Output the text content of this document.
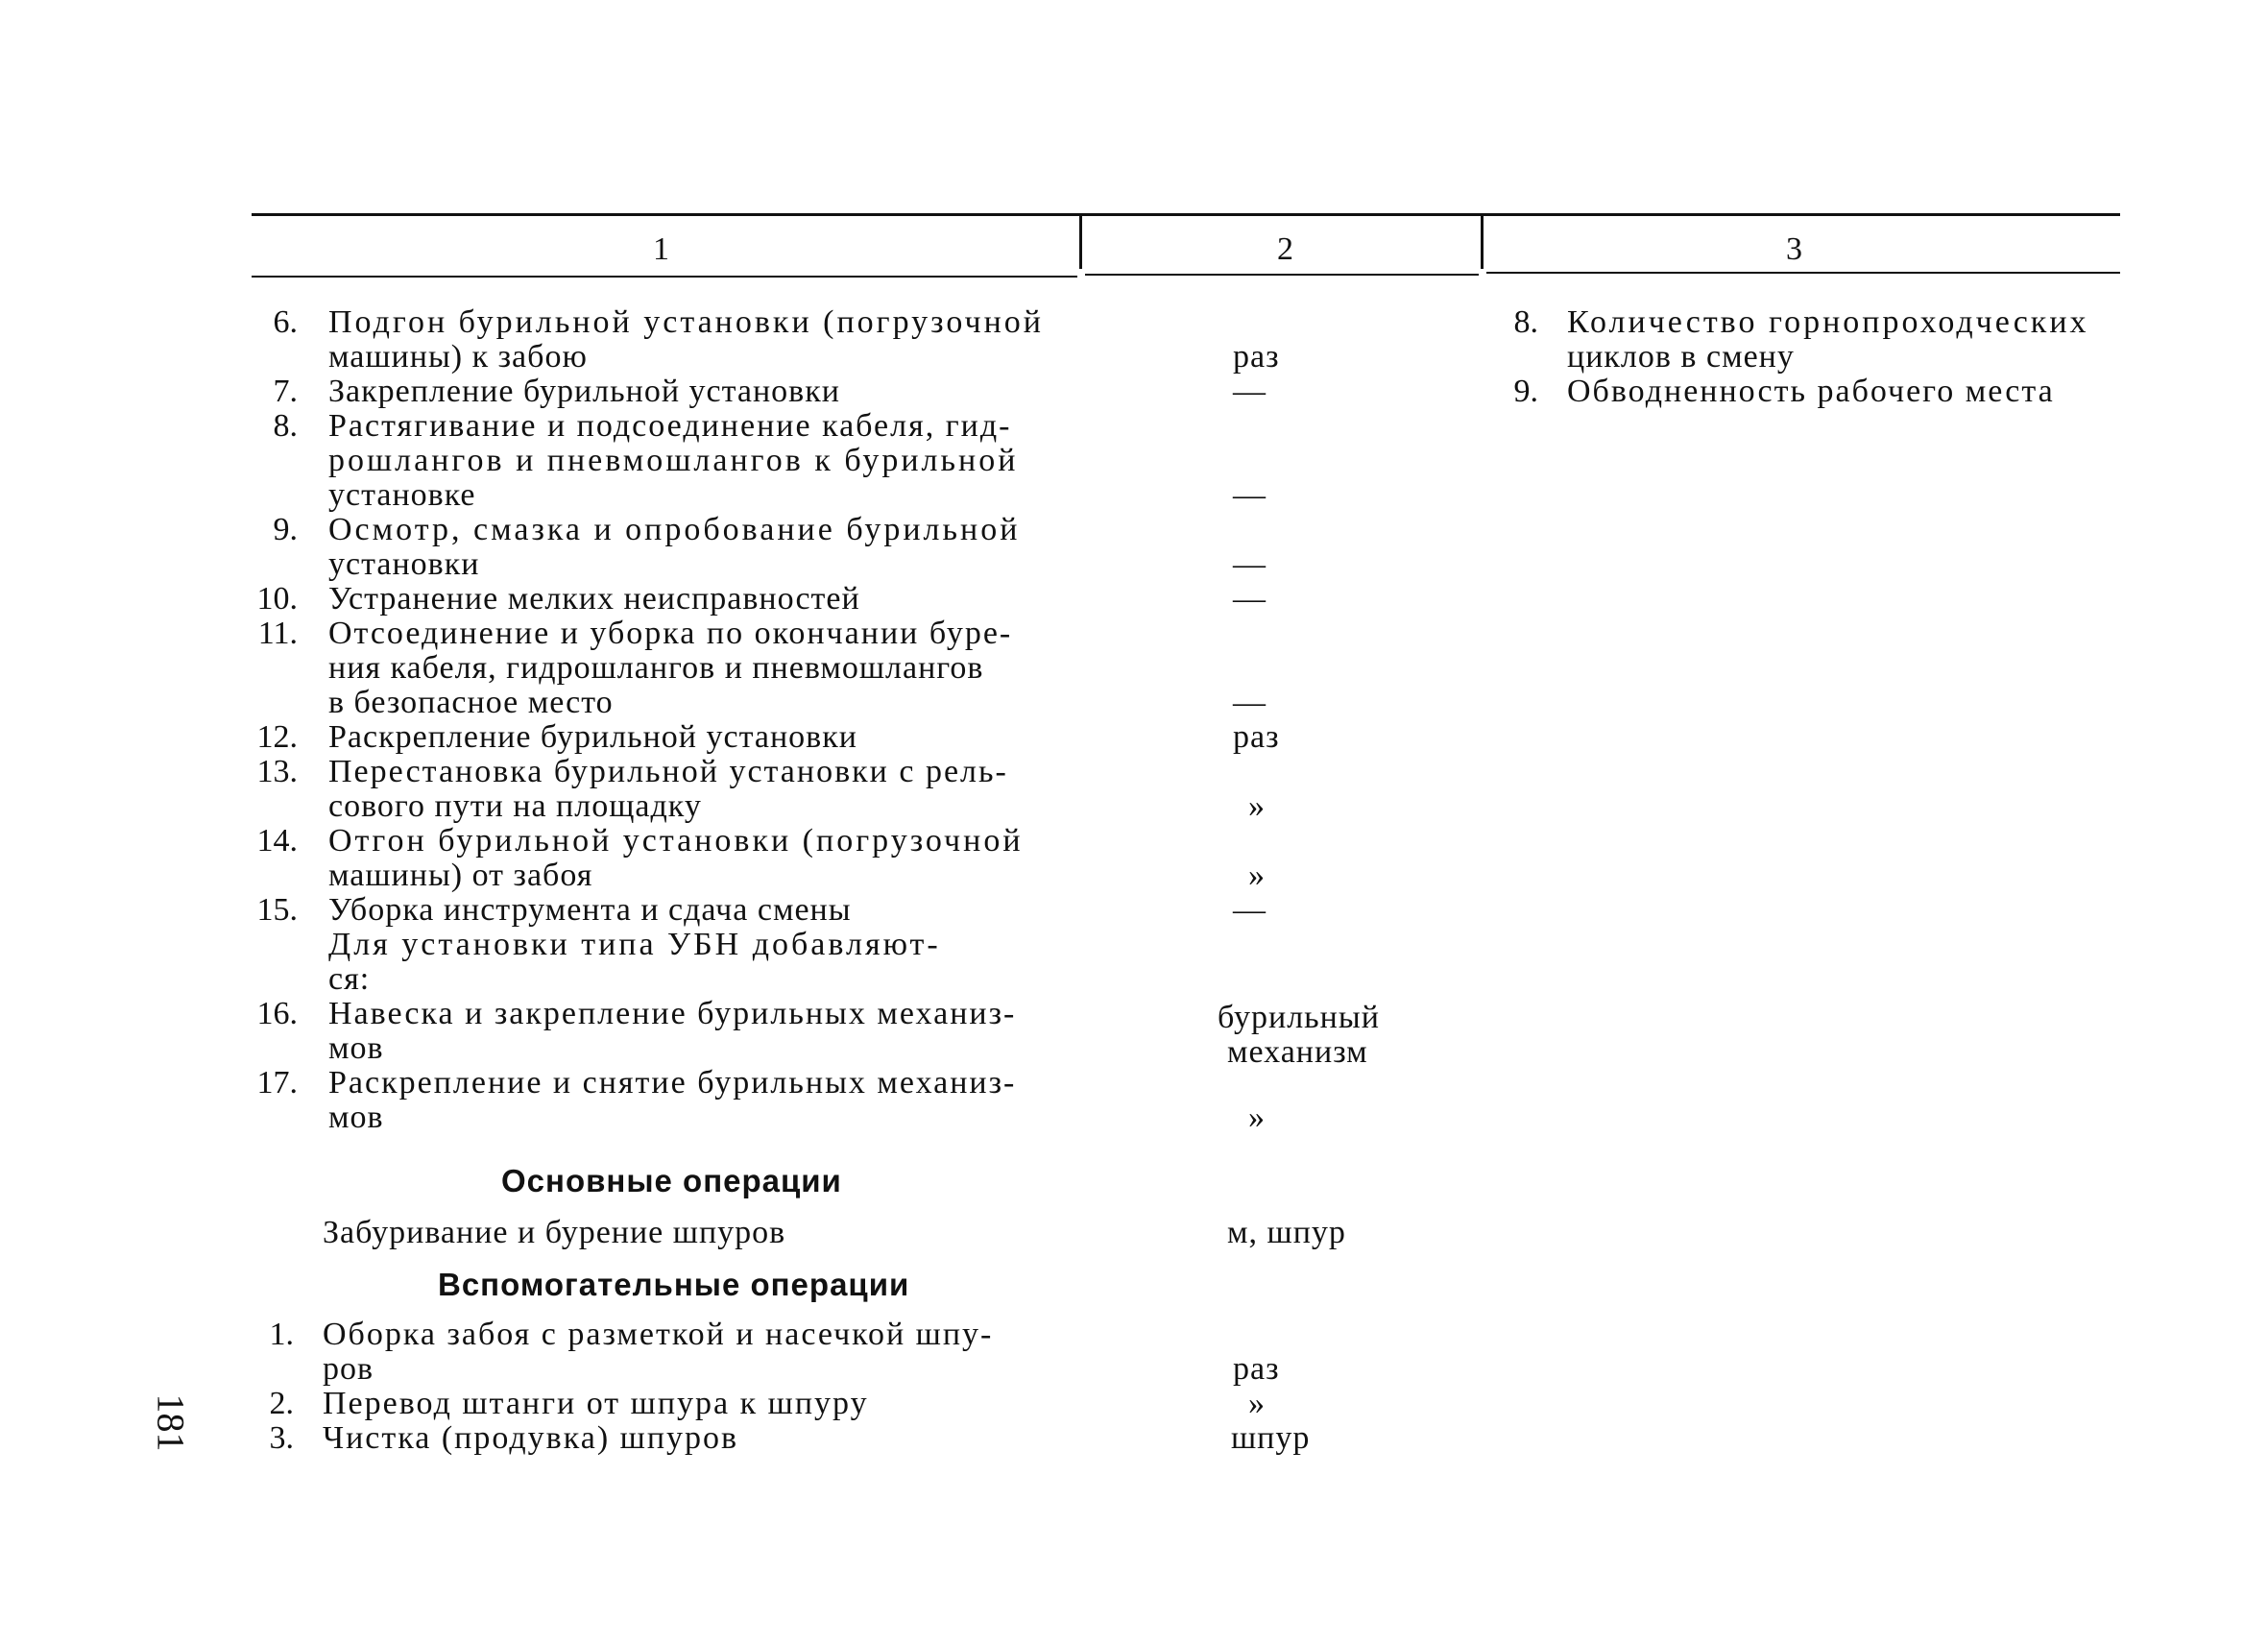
1	2	3
6. Подгон бурильной установки (погрузочной
машины) к забою
7. Закрепление бурильной установки
8. Растягивание и подсоединение кабеля, гид-
рошлангов и пневмошлангов к бурильной
установке
9. Осмотр, смазка и опробование бурильной
установки
10. Устранение мелких неисправностей
11. Отсоединение и уборка по окончании буре-
ния кабеля, гидрошлангов и пневмошлангов
в безопасное место
12. Раскрепление бурильной установки
13. Перестановка бурильной установки с рель-
сового пути на площадку
14. Отгон бурильной установки (погрузочной
машины) от забоя
15. Уборка инструмента и сдача смены
Для установки типа УБН добавляют-
ся:
16. Навеска и закрепление бурильных механиз-
мов
17. Раскрепление и снятие бурильных механиз-
мов
раз
—
—
—
—
—
раз
»
»
—
бурильный
механизм
»
м, шпур
раз
»
шпур
Основные операции
Забуривание и бурение шпуров
Вспомогательные операции
1. Оборка забоя с разметкой и насечкой шпу-
ров
2. Перевод штанги от шпура к шпуру
3. Чистка (продувка) шпуров
8. Количество горнопроходческих
циклов в смену
9. Обводненность рабочего места
181
